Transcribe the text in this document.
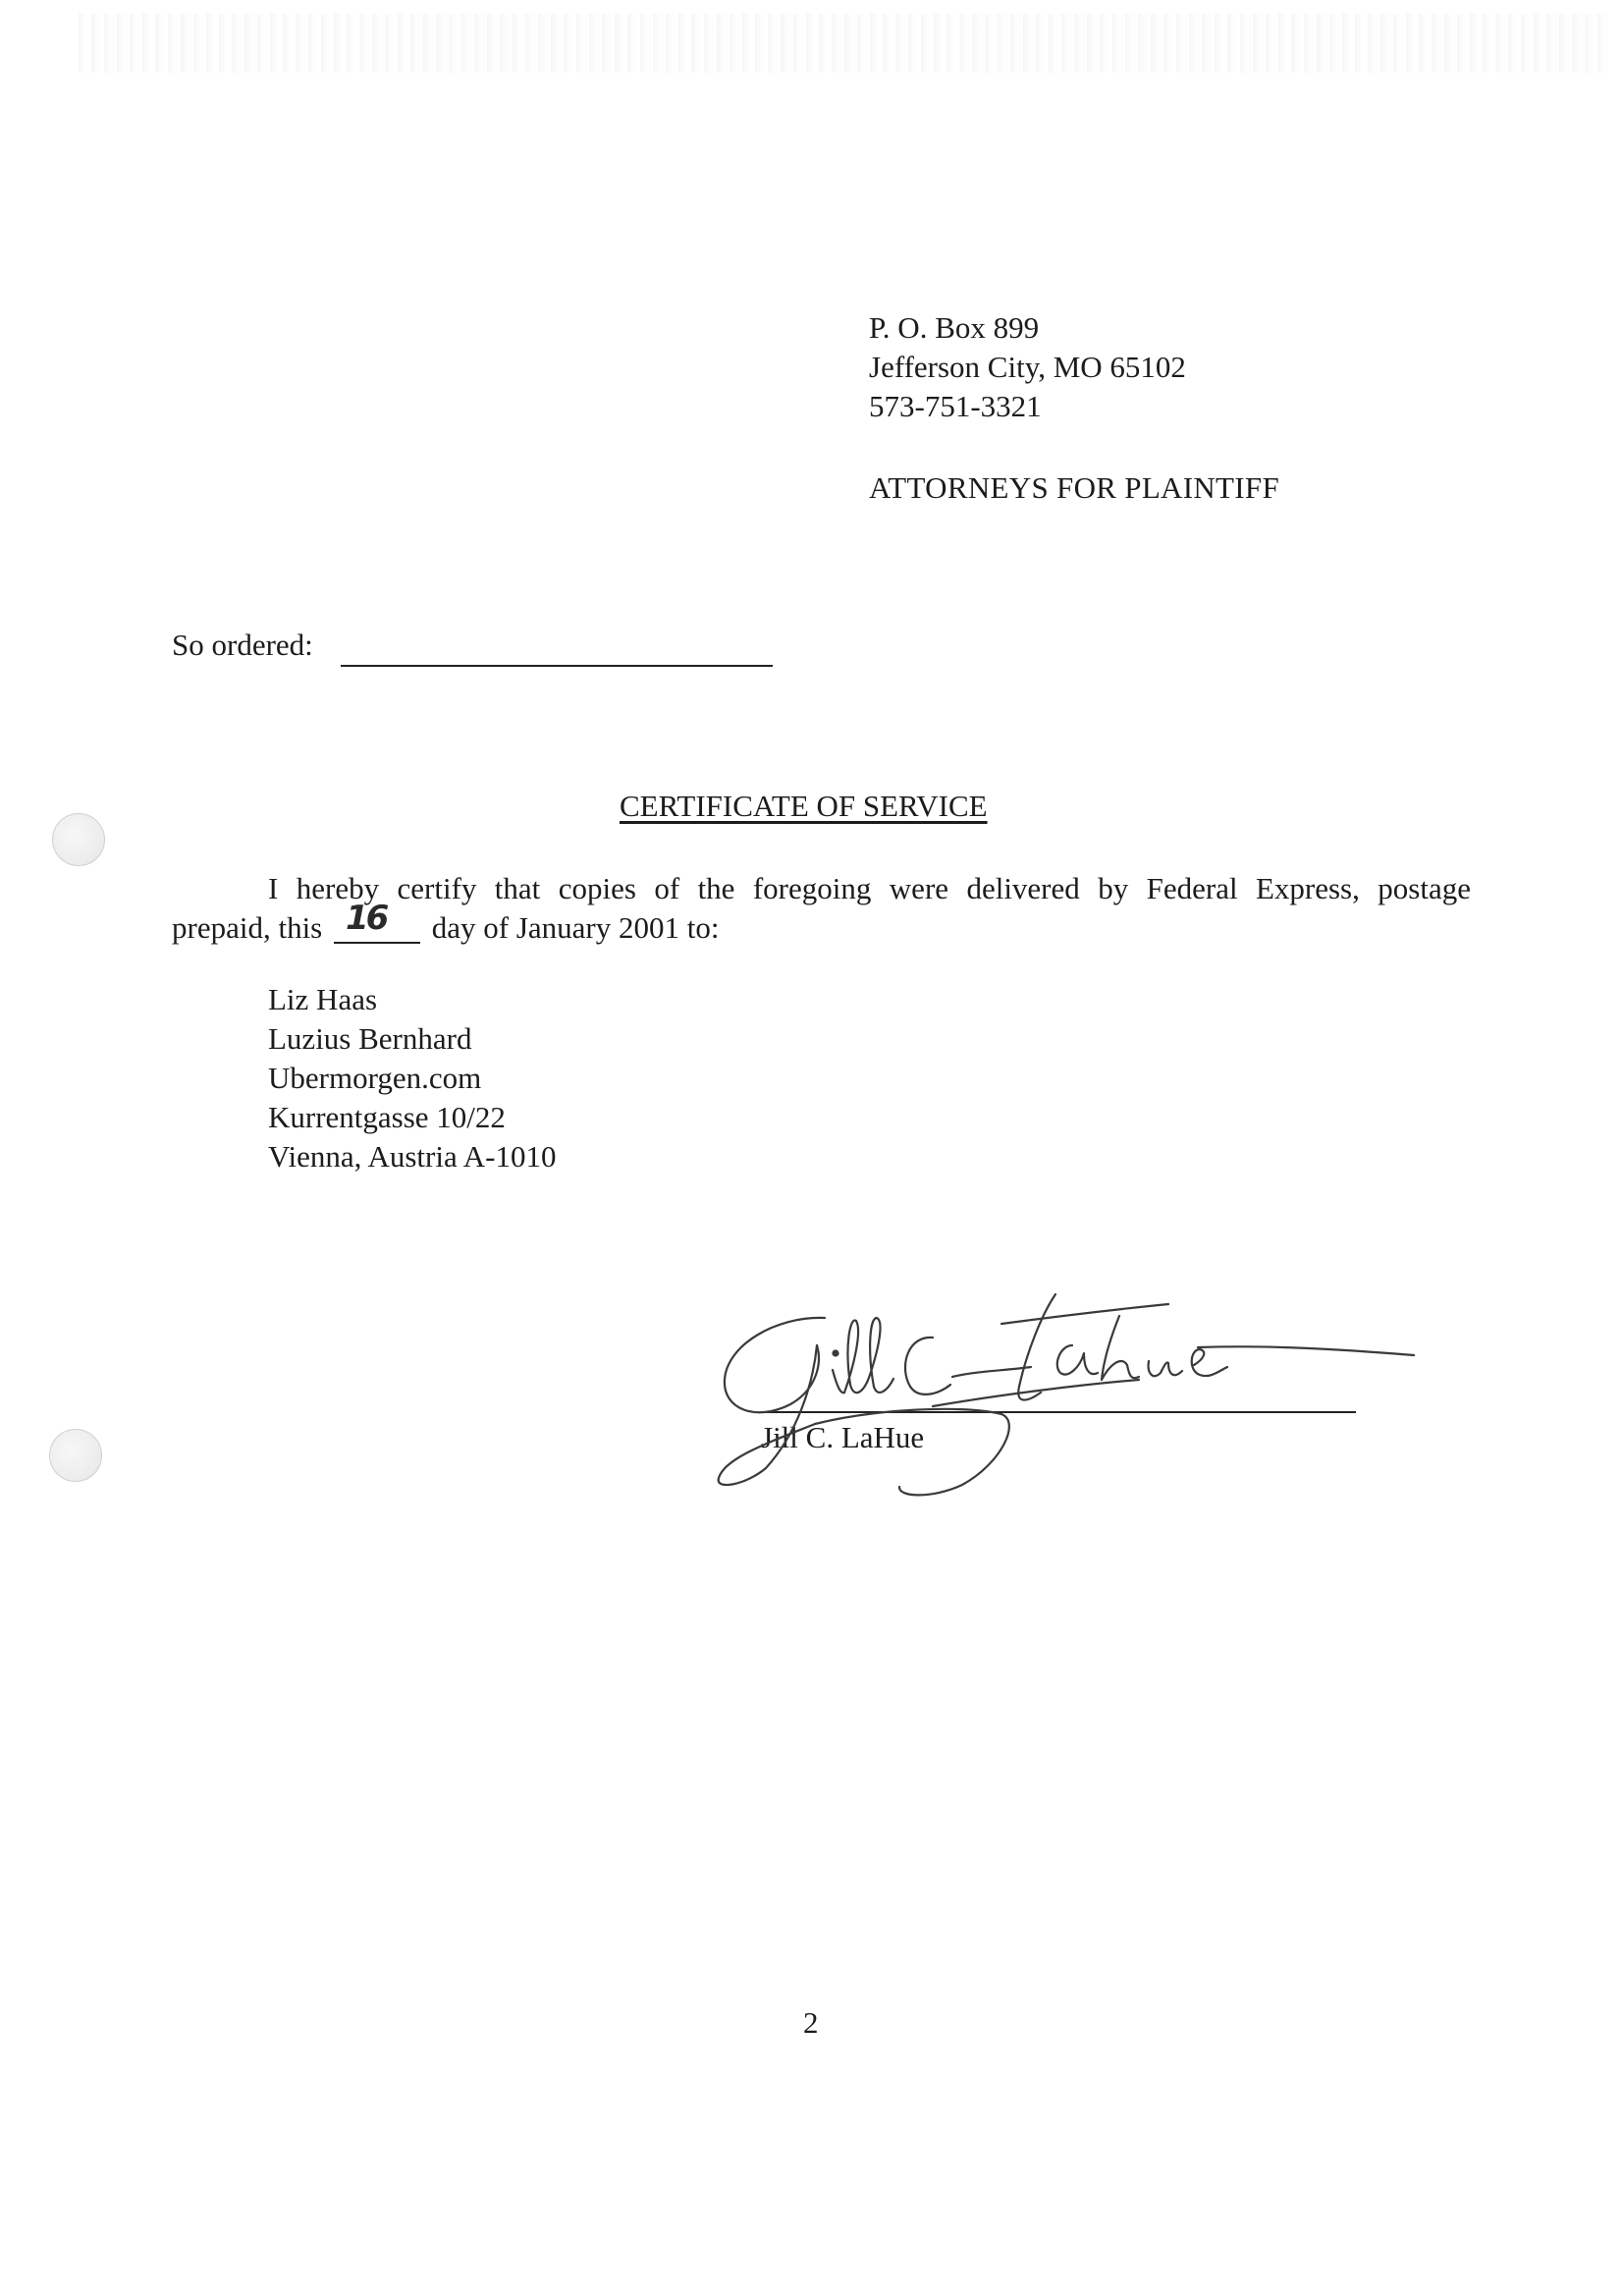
P. O. Box 899
Jefferson City, MO 65102
573-751-3321
ATTORNEYS FOR PLAINTIFF
So ordered:
CERTIFICATE OF SERVICE
I hereby certify that copies of the foregoing were delivered by Federal Express, postage
prepaid, this 16 day of January 2001 to:
Liz Haas
Luzius Bernhard
Ubermorgen.com
Kurrentgasse 10/22
Vienna, Austria A-1010
Jill C. LaHue
2
